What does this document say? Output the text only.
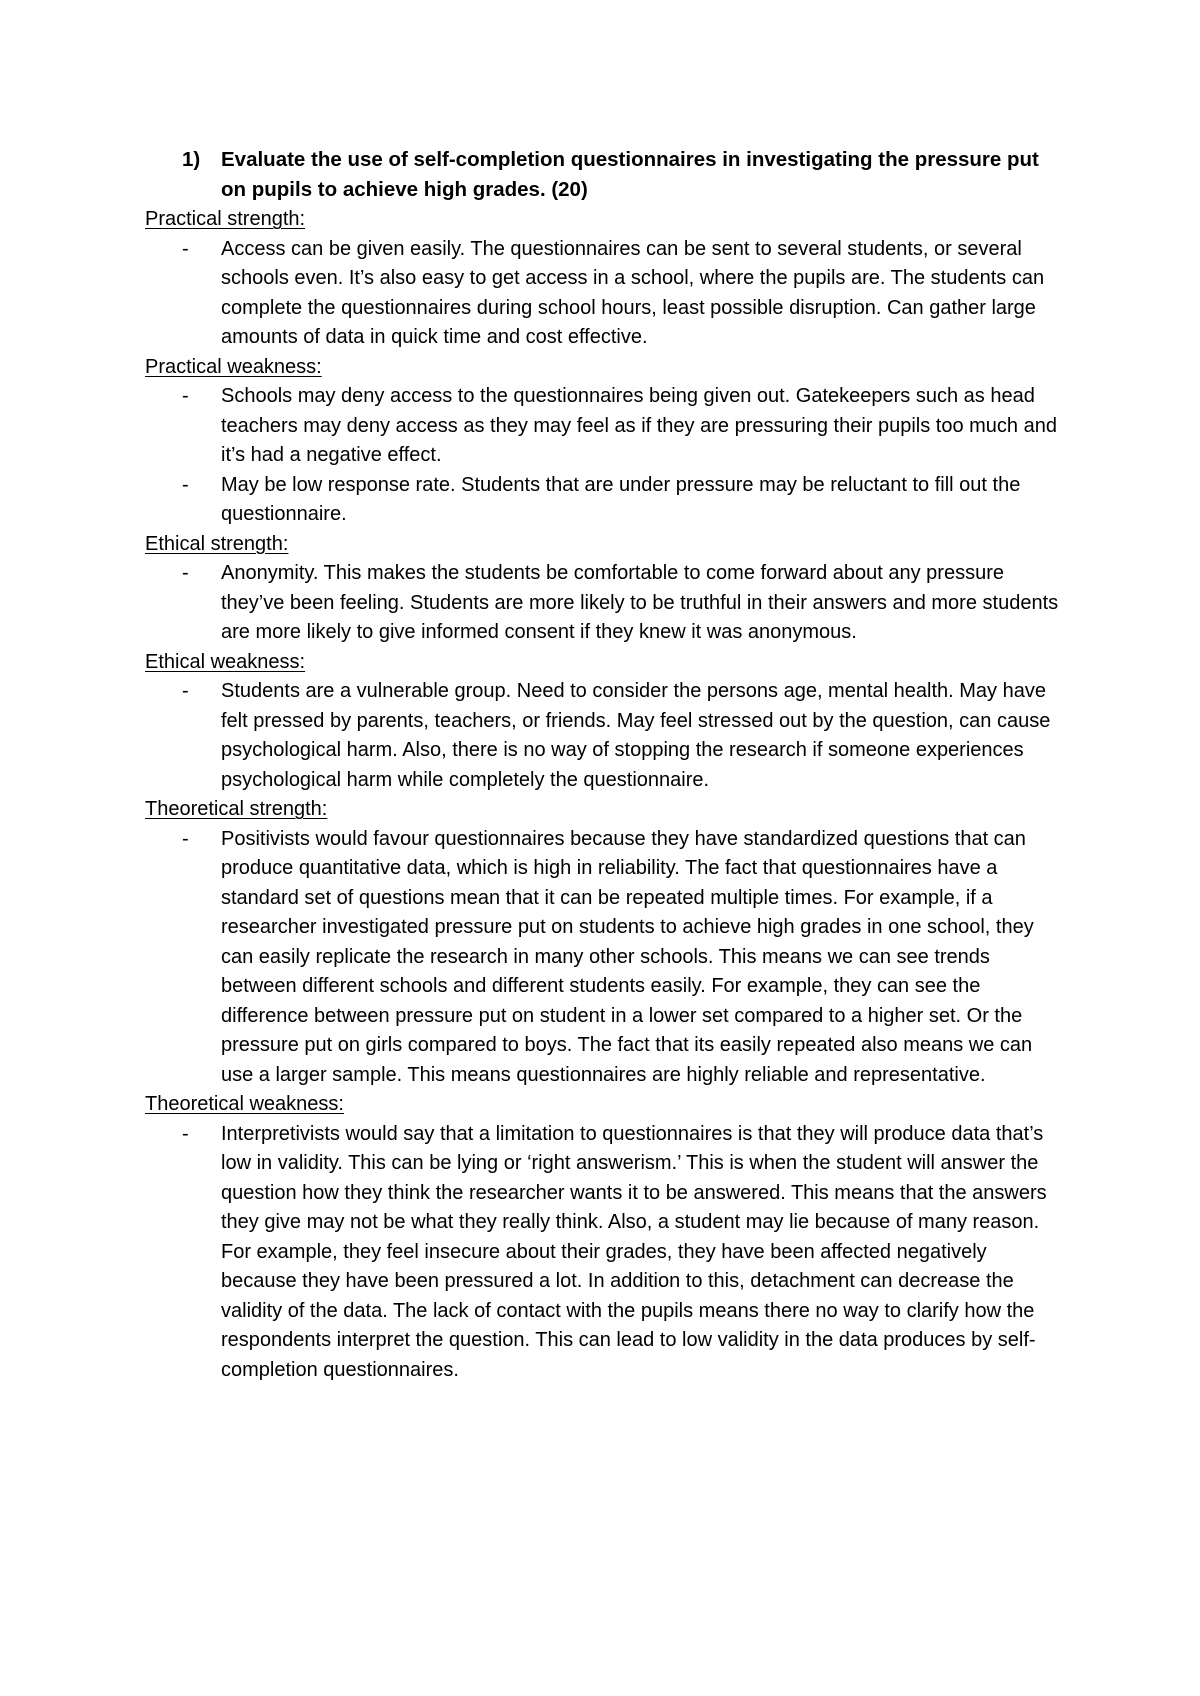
1)	Evaluate the use of self-completion questionnaires in investigating the pressure put on pupils to achieve high grades. (20)

Practical strength:

-	Access can be given easily. The questionnaires can be sent to several students, or several schools even. It’s also easy to get access in a school, where the pupils are. The students can complete the questionnaires during school hours, least possible disruption. Can gather large amounts of data in quick time and cost effective.

Practical weakness:

-	Schools may deny access to the questionnaires being given out. Gatekeepers such as head teachers may deny access as they may feel as if they are pressuring their pupils too much and it’s had a negative effect.
-	May be low response rate. Students that are under pressure may be reluctant to fill out the questionnaire.

Ethical strength:

-	Anonymity. This makes the students be comfortable to come forward about any pressure they’ve been feeling. Students are more likely to be truthful in their answers and more students are more likely to give informed consent if they knew it was anonymous.

Ethical weakness:

-	Students are a vulnerable group. Need to consider the persons age, mental health. May have felt pressed by parents, teachers, or friends. May feel stressed out by the question, can cause psychological harm. Also, there is no way of stopping the research if someone experiences psychological harm while completely the questionnaire.

Theoretical strength:

-	Positivists would favour questionnaires because they have standardized questions that can produce quantitative data, which is high in reliability. The fact that questionnaires have a standard set of questions mean that it can be repeated multiple times. For example, if a researcher investigated pressure put on students to achieve high grades in one school, they can easily replicate the research in many other schools. This means we can see trends between different schools and different students easily. For example, they can see the difference between pressure put on student in a lower set compared to a higher set. Or the pressure put on girls compared to boys. The fact that its easily repeated also means we can use a larger sample. This means questionnaires are highly reliable and representative.

Theoretical weakness:

-	Interpretivists would say that a limitation to questionnaires is that they will produce data that’s low in validity. This can be lying or ‘right answerism.’ This is when the student will answer the question how they think the researcher wants it to be answered. This means that the answers they give may not be what they really think. Also, a student may lie because of many reason. For example, they feel insecure about their grades, they have been affected negatively because they have been pressured a lot. In addition to this, detachment can decrease the validity of the data. The lack of contact with the pupils means there no way to clarify how the respondents interpret the question. This can lead to low validity in the data produces by self-completion questionnaires.
